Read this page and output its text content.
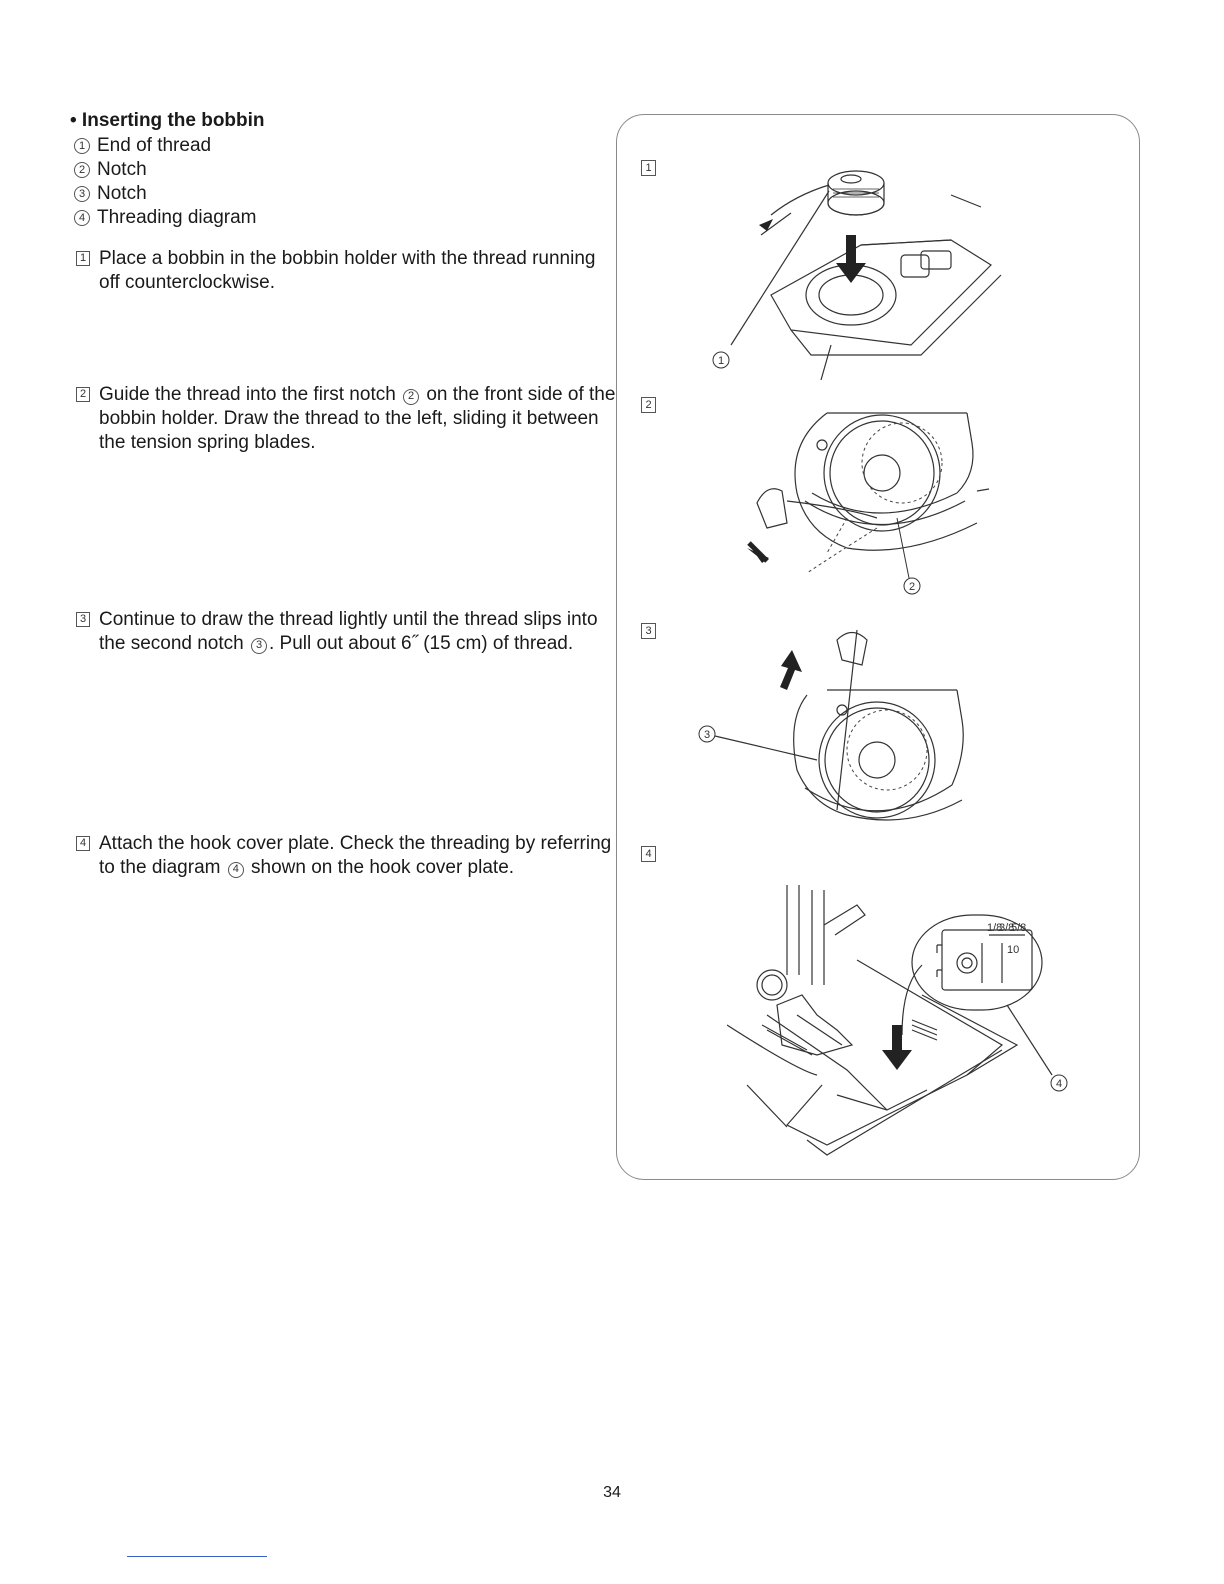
• Inserting the bobbin
1 End of thread
2 Notch
3 Notch
4 Threading diagram
1 Place a bobbin in the bobbin holder with the thread running off counterclockwise.
2 Guide the thread into the first notch 2 on the front side of the bobbin holder. Draw the thread to the left, sliding it between the tension spring blades.
3 Continue to draw the thread lightly until the thread slips into the second notch 3 . Pull out about 6˝ (15 cm) of thread.
4 Attach the hook cover plate. Check the threading by referring to the diagram 4 shown on the hook cover plate.
1
2
3
4
1
2
3
1/8
3/8
5/8
10
4
34
